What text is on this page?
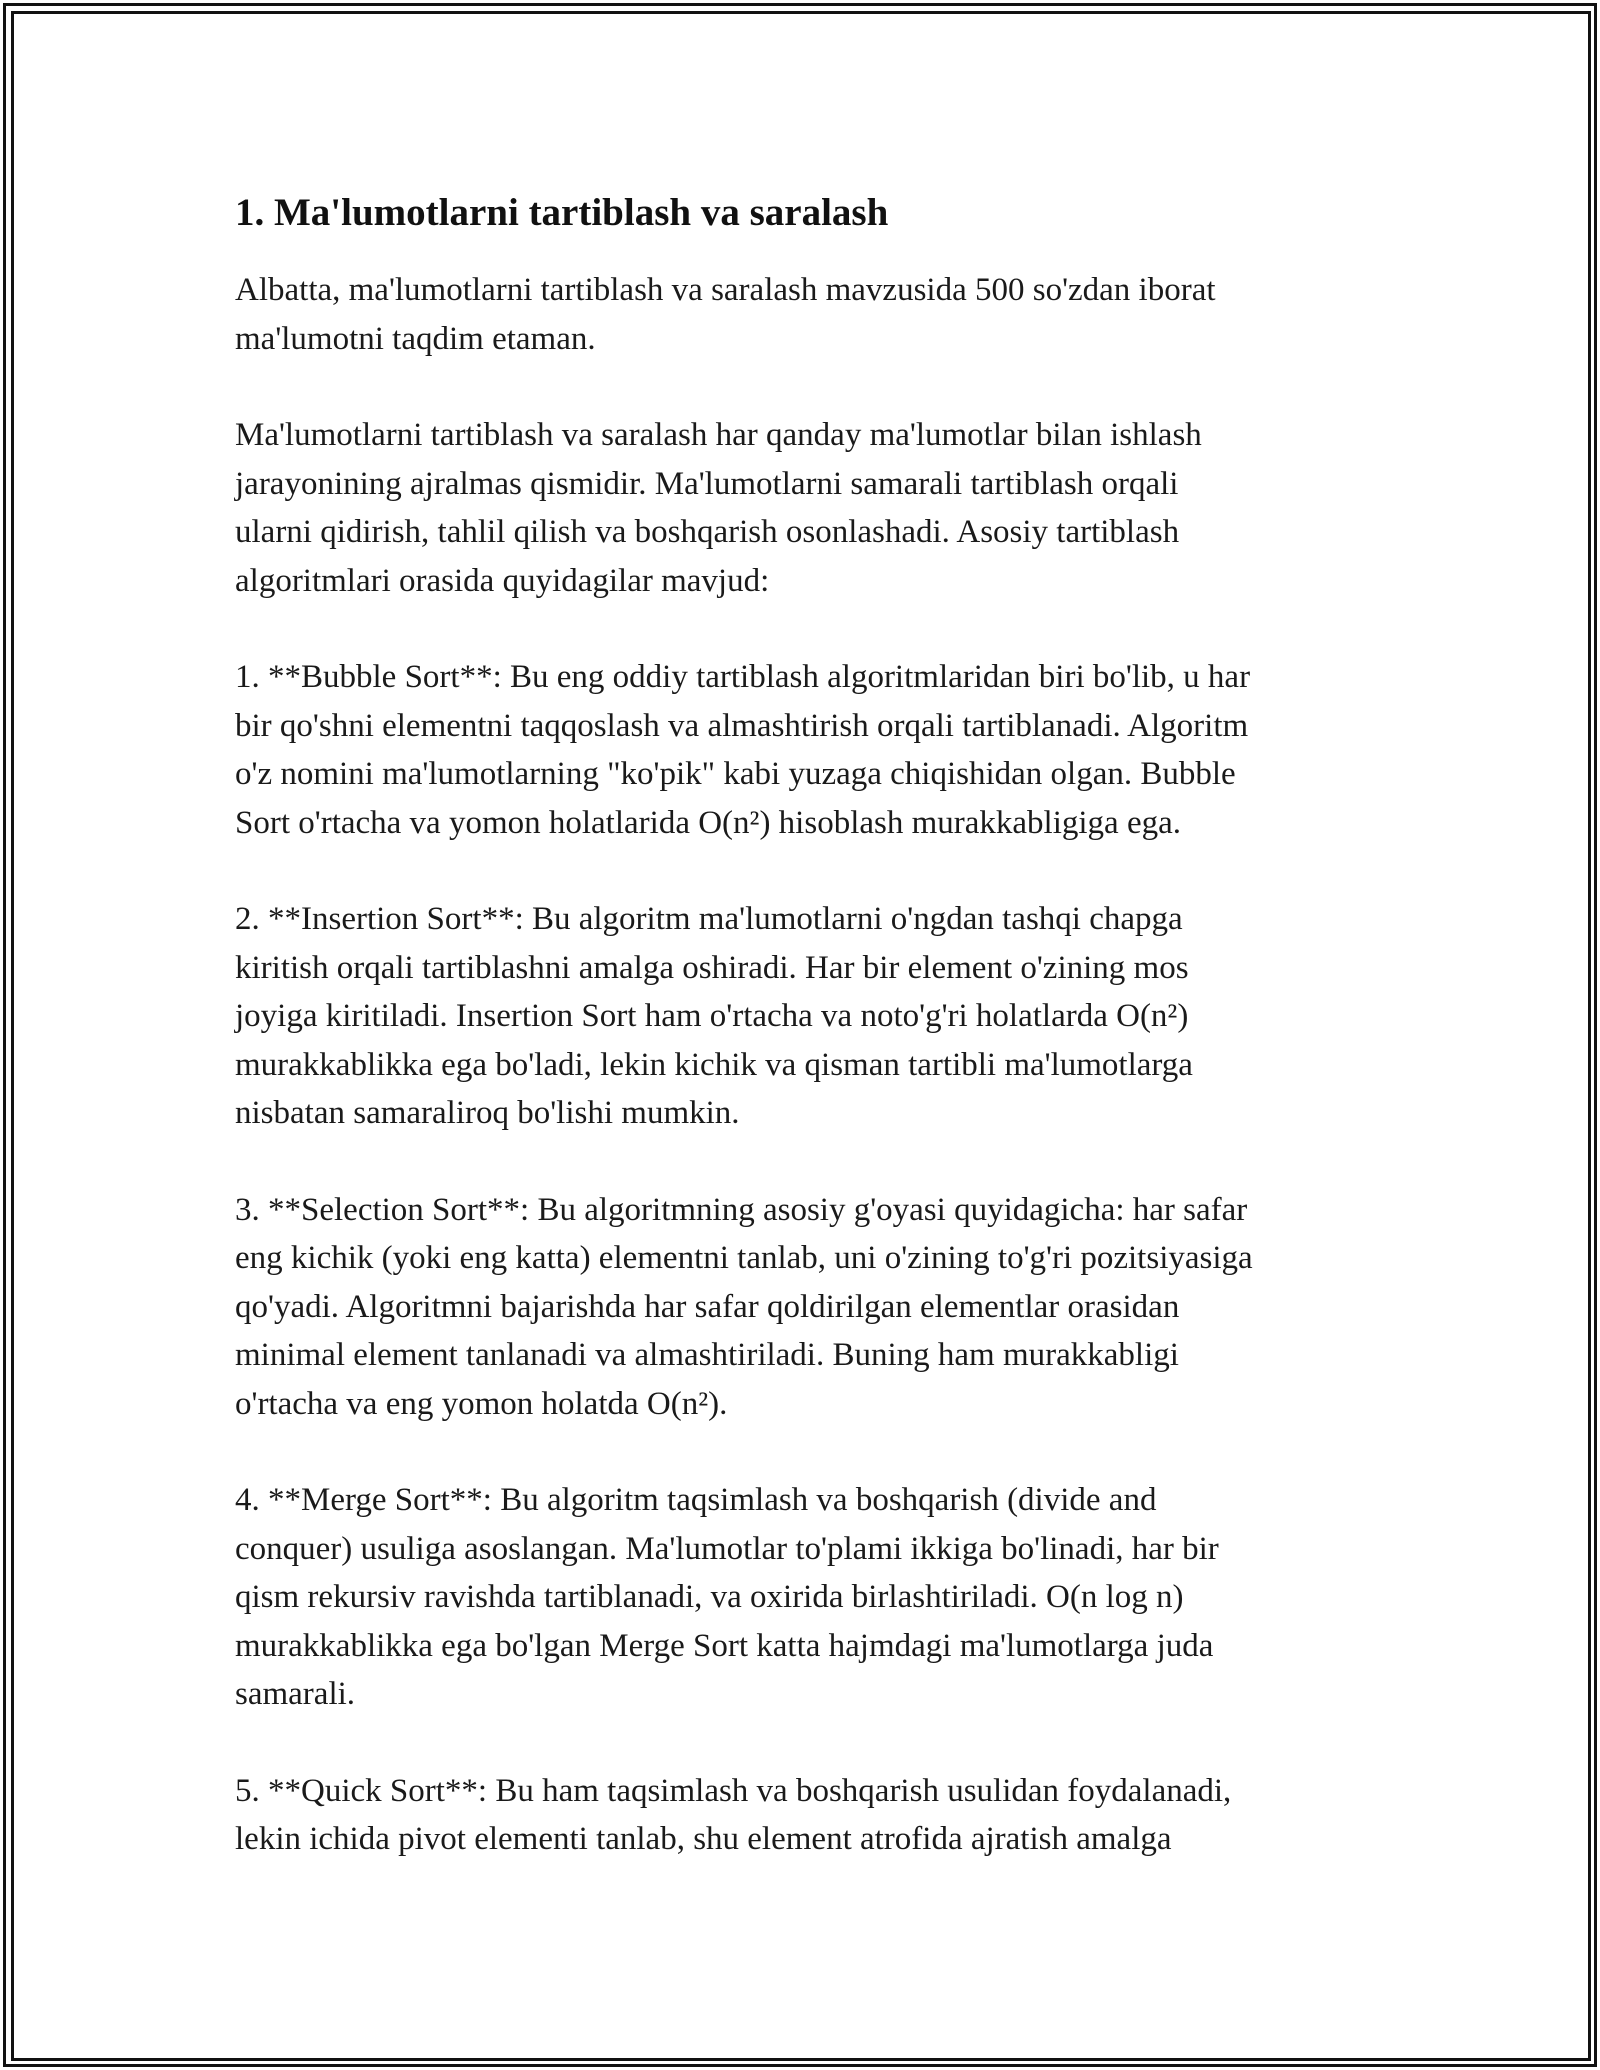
1. Ma'lumotlarni tartiblash va saralash

Albatta, ma'lumotlarni tartiblash va saralash mavzusida 500 so'zdan iborat
ma'lumotni taqdim etaman.

Ma'lumotlarni tartiblash va saralash har qanday ma'lumotlar bilan ishlash
jarayonining ajralmas qismidir. Ma'lumotlarni samarali tartiblash orqali
ularni qidirish, tahlil qilish va boshqarish osonlashadi. Asosiy tartiblash
algoritmlari orasida quyidagilar mavjud:

1. **Bubble Sort**: Bu eng oddiy tartiblash algoritmlaridan biri bo'lib, u har
bir qo'shni elementni taqqoslash va almashtirish orqali tartiblanadi. Algoritm
o'z nomini ma'lumotlarning "ko'pik" kabi yuzaga chiqishidan olgan. Bubble
Sort o'rtacha va yomon holatlarida O(n²) hisoblash murakkabligiga ega.

2. **Insertion Sort**: Bu algoritm ma'lumotlarni o'ngdan tashqi chapga
kiritish orqali tartiblashni amalga oshiradi. Har bir element o'zining mos
joyiga kiritiladi. Insertion Sort ham o'rtacha va noto'g'ri holatlarda O(n²)
murakkablikka ega bo'ladi, lekin kichik va qisman tartibli ma'lumotlarga
nisbatan samaraliroq bo'lishi mumkin.

3. **Selection Sort**: Bu algoritmning asosiy g'oyasi quyidagicha: har safar
eng kichik (yoki eng katta) elementni tanlab, uni o'zining to'g'ri pozitsiyasiga
qo'yadi. Algoritmni bajarishda har safar qoldirilgan elementlar orasidan
minimal element tanlanadi va almashtiriladi. Buning ham murakkabligi
o'rtacha va eng yomon holatda O(n²).

4. **Merge Sort**: Bu algoritm taqsimlash va boshqarish (divide and
conquer) usuliga asoslangan. Ma'lumotlar to'plami ikkiga bo'linadi, har bir
qism rekursiv ravishda tartiblanadi, va oxirida birlashtiriladi. O(n log n)
murakkablikka ega bo'lgan Merge Sort katta hajmdagi ma'lumotlarga juda
samarali.

5. **Quick Sort**: Bu ham taqsimlash va boshqarish usulidan foydalanadi,
lekin ichida pivot elementi tanlab, shu element atrofida ajratish amalga
